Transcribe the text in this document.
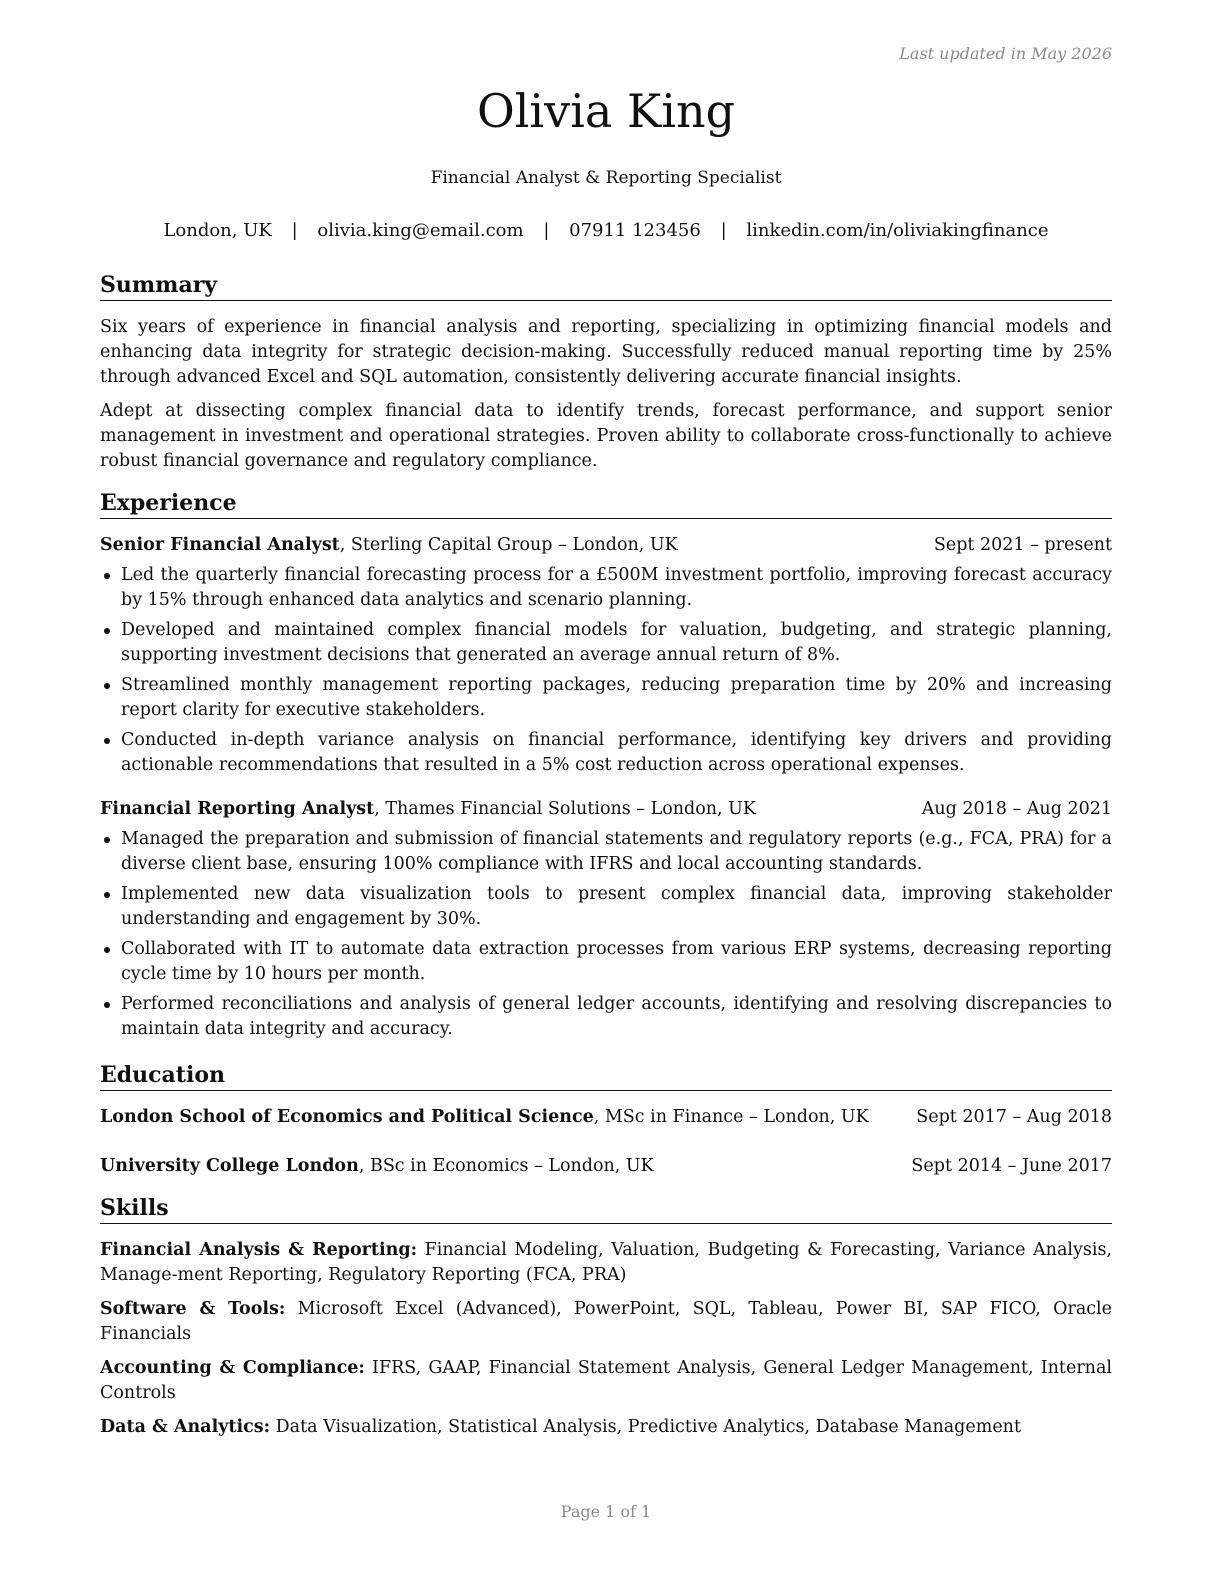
Last updated in May 2026
Olivia King
Financial Analyst & Reporting Specialist
London, UK | olivia.king@email.com | 07911 123456 | linkedin.com/in/oliviakingfinance
Summary

Six years of experience in financial analysis and reporting, specializing in optimizing financial models and enhancing data integrity for strategic decision-making. Successfully reduced manual reporting time by 25% through advanced Excel and SQL automation, consistently delivering accurate financial insights.

Adept at dissecting complex financial data to identify trends, forecast performance, and support senior management in investment and operational strategies. Proven ability to collaborate cross-functionally to achieve robust financial governance and regulatory compliance.

Experience
Senior Financial Analyst, Sterling Capital Group – London, UK	Sept 2021 – present
Led the quarterly financial forecasting process for a £500M investment portfolio, improving forecast accuracy by 15% through enhanced data analytics and scenario planning.
Developed and maintained complex financial models for valuation, budgeting, and strategic planning, supporting investment decisions that generated an average annual return of 8%.
Streamlined monthly management reporting packages, reducing preparation time by 20% and increasing report clarity for executive stakeholders.
Conducted in-depth variance analysis on financial performance, identifying key drivers and providing actionable recommendations that resulted in a 5% cost reduction across operational expenses.
Financial Reporting Analyst, Thames Financial Solutions – London, UK	Aug 2018 – Aug 2021
Managed the preparation and submission of financial statements and regulatory reports (e.g., FCA, PRA) for a diverse client base, ensuring 100% compliance with IFRS and local accounting standards.
Implemented new data visualization tools to present complex financial data, improving stakeholder understanding and engagement by 30%.
Collaborated with IT to automate data extraction processes from various ERP systems, decreasing reporting cycle time by 10 hours per month.
Performed reconciliations and analysis of general ledger accounts, identifying and resolving discrepancies to maintain data integrity and accuracy.
Education
London School of Economics and Political Science, MSc in Finance – London, UK	Sept 2017 – Aug 2018
University College London, BSc in Economics – London, UK	Sept 2014 – June 2017
Skills

Financial Analysis & Reporting: Financial Modeling, Valuation, Budgeting & Forecasting, Variance Analysis, Manage-ment Reporting, Regulatory Reporting (FCA, PRA)

Software & Tools: Microsoft Excel (Advanced), PowerPoint, SQL, Tableau, Power BI, SAP FICO, Oracle Financials

Accounting & Compliance: IFRS, GAAP, Financial Statement Analysis, General Ledger Management, Internal Controls

Data & Analytics: Data Visualization, Statistical Analysis, Predictive Analytics, Database Management

Page 1 of 1
